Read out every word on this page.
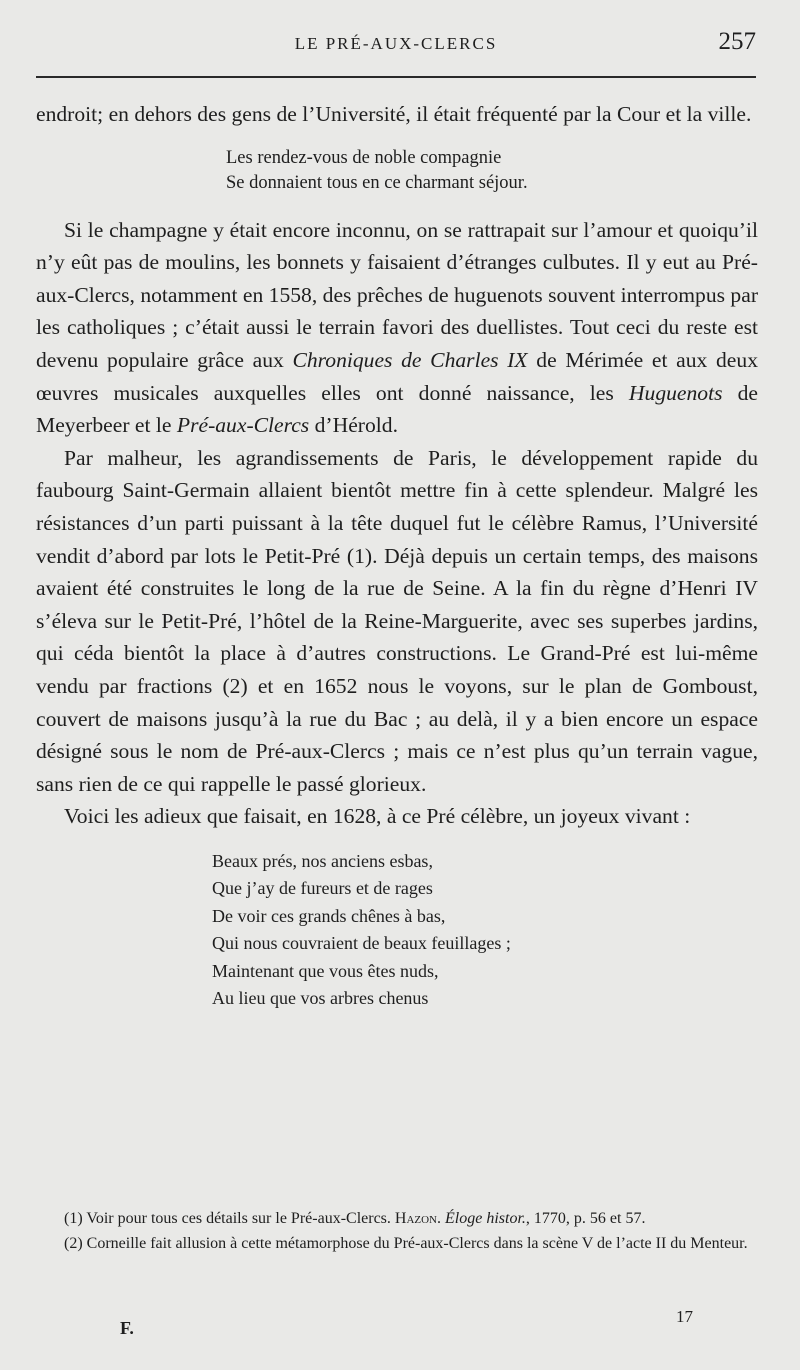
LE PRÉ-AUX-CLERCS	257

endroit; en dehors des gens de l’Université, il était fréquenté par la Cour et la ville.

Les rendez-vous de noble compagnie
Se donnaient tous en ce charmant séjour.

Si le champagne y était encore inconnu, on se rattrapait sur l’amour et quoiqu’il n’y eût pas de moulins, les bonnets y faisaient d’étranges culbutes. Il y eut au Pré-aux-Clercs, notamment en 1558, des prêches de huguenots souvent interrompus par les catholiques ; c’était aussi le terrain favori des duellistes. Tout ceci du reste est devenu populaire grâce aux Chroniques de Charles IX de Mérimée et aux deux œuvres musicales auxquelles elles ont donné naissance, les Huguenots de Meyerbeer et le Pré-aux-Clercs d’Hérold.

Par malheur, les agrandissements de Paris, le développement rapide du faubourg Saint-Germain allaient bientôt mettre fin à cette splendeur. Malgré les résistances d’un parti puissant à la tête duquel fut le célèbre Ramus, l’Université vendit d’abord par lots le Petit-Pré (1). Déjà depuis un certain temps, des maisons avaient été construites le long de la rue de Seine. A la fin du règne d’Henri IV s’éleva sur le Petit-Pré, l’hôtel de la Reine-Marguerite, avec ses superbes jardins, qui céda bientôt la place à d’autres constructions. Le Grand-Pré est lui-même vendu par fractions (2) et en 1652 nous le voyons, sur le plan de Gomboust, couvert de maisons jusqu’à la rue du Bac ; au delà, il y a bien encore un espace désigné sous le nom de Pré-aux-Clercs ; mais ce n’est plus qu’un terrain vague, sans rien de ce qui rappelle le passé glorieux.

Voici les adieux que faisait, en 1628, à ce Pré célèbre, un joyeux vivant :

Beaux prés, nos anciens esbas,
Que j’ay de fureurs et de rages
De voir ces grands chênes à bas,
Qui nous couvraient de beaux feuillages ;
Maintenant que vous êtes nuds,
Au lieu que vos arbres chenus

(1) Voir pour tous ces détails sur le Pré-aux-Clercs. Hazon. Éloge histor., 1770, p. 56 et 57.

(2) Corneille fait allusion à cette métamorphose du Pré-aux-Clercs dans la scène V de l’acte II du Menteur.

F.
17
